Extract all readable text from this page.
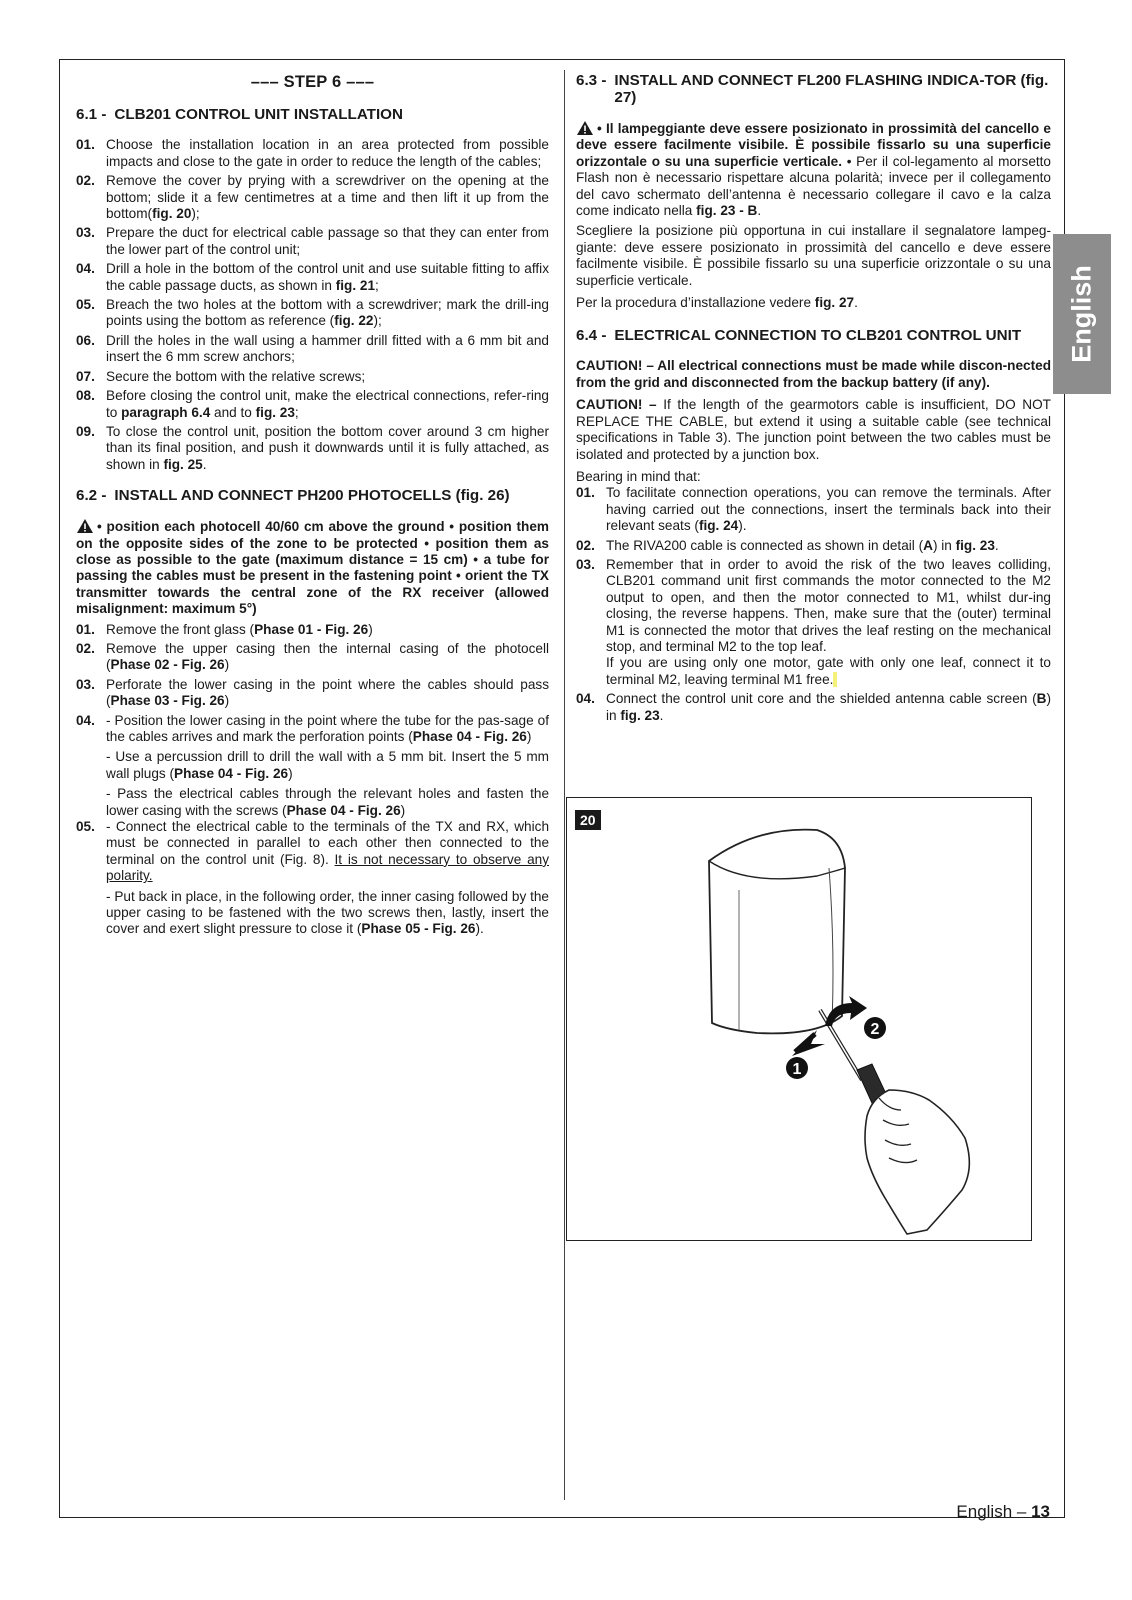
––– STEP 6 –––
6.1 - CLB201 CONTROL UNIT INSTALLATION
01. Choose the installation location in an area protected from possible impacts and close to the gate in order to reduce the length of the cables;
02. Remove the cover by prying with a screwdriver on the opening at the bottom; slide it a few centimetres at a time and then lift it up from the bottom(fig. 20);
03. Prepare the duct for electrical cable passage so that they can enter from the lower part of the control unit;
04. Drill a hole in the bottom of the control unit and use suitable fitting to affix the cable passage ducts, as shown in fig. 21;
05. Breach the two holes at the bottom with a screwdriver; mark the drill-ing points using the bottom as reference (fig. 22);
06. Drill the holes in the wall using a hammer drill fitted with a 6 mm bit and insert the 6 mm screw anchors;
07. Secure the bottom with the relative screws;
08. Before closing the control unit, make the electrical connections, refer-ring to paragraph 6.4 and to fig. 23;
09. To close the control unit, position the bottom cover around 3 cm higher than its final position, and push it downwards until it is fully attached, as shown in fig. 25.
6.2 - INSTALL AND CONNECT PH200 PHOTOCELLS (fig. 26)
• position each photocell 40/60 cm above the ground • position them on the opposite sides of the zone to be protected • position them as close as possible to the gate (maximum distance = 15 cm) • a tube for passing the cables must be present in the fastening point • orient the TX transmitter towards the central zone of the RX receiver (allowed misalignment: maximum 5°)
01. Remove the front glass (Phase 01 - Fig. 26)
02. Remove the upper casing then the internal casing of the photocell (Phase 02 - Fig. 26)
03. Perforate the lower casing in the point where the cables should pass (Phase 03 - Fig. 26)
04. - Position the lower casing in the point where the tube for the pas-sage of the cables arrives and mark the perforation points (Phase 04 - Fig. 26)
- Use a percussion drill to drill the wall with a 5 mm bit. Insert the 5 mm wall plugs (Phase 04 - Fig. 26)
- Pass the electrical cables through the relevant holes and fasten the lower casing with the screws (Phase 04 - Fig. 26)
05. - Connect the electrical cable to the terminals of the TX and RX, which must be connected in parallel to each other then connected to the terminal on the control unit (Fig. 8). It is not necessary to observe any polarity.
- Put back in place, in the following order, the inner casing followed by the upper casing to be fastened with the two screws then, lastly, insert the cover and exert slight pressure to close it (Phase 05 - Fig. 26).
6.3 - INSTALL AND CONNECT FL200 FLASHING INDICA-TOR (fig. 27)
• Il lampeggiante deve essere posizionato in prossimità del cancello e deve essere facilmente visibile. È possibile fissarlo su una superficie orizzontale o su una superficie verticale. • Per il col-legamento al morsetto Flash non è necessario rispettare alcuna polarità; invece per il collegamento del cavo schermato dell’antenna è necessario collegare il cavo e la calza come indicato nella fig. 23 - B.
Scegliere la posizione più opportuna in cui installare il segnalatore lampeg-giante: deve essere posizionato in prossimità del cancello e deve essere facilmente visibile. È possibile fissarlo su una superficie orizzontale o su una superficie verticale.
Per la procedura d’installazione vedere fig. 27.
6.4 - ELECTRICAL CONNECTION TO CLB201 CONTROL UNIT
CAUTION! – All electrical connections must be made while discon-nected from the grid and disconnected from the backup battery (if any).
CAUTION! – If the length of the gearmotors cable is insufficient, DO NOT REPLACE THE CABLE, but extend it using a suitable cable (see technical specifications in Table 3). The junction point between the two cables must be isolated and protected by a junction box.
Bearing in mind that:
01. To facilitate connection operations, you can remove the terminals. After having carried out the connections, insert the terminals back into their relevant seats (fig. 24).
02. The RIVA200 cable is connected as shown in detail (A) in fig. 23.
03. Remember that in order to avoid the risk of the two leaves colliding, CLB201 command unit first commands the motor connected to the M2 output to open, and then the motor connected to M1, whilst dur-ing closing, the reverse happens. Then, make sure that the (outer) terminal M1 is connected the motor that drives the leaf resting on the mechanical stop, and terminal M2 to the top leaf.
If you are using only one motor, gate with only one leaf, connect it to terminal M2, leaving terminal M1 free.
04. Connect the control unit core and the shielded antenna cable screen (B) in fig. 23.
20
1
2
English
English – 13
